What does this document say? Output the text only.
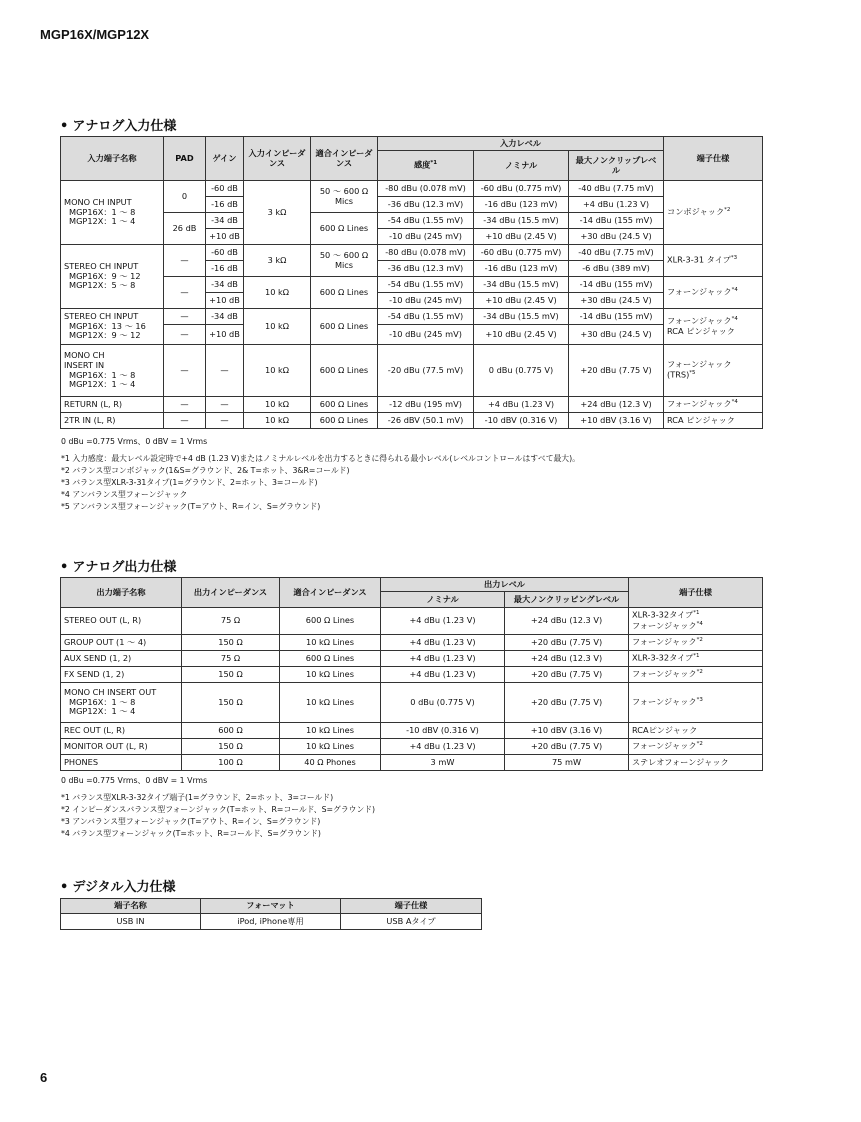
MGP16X/MGP12X
• アナログ入力仕様
入力端子名称	PAD	ゲイン	入力インピーダンス	適合インピーダンス	入力レベル			端子仕様
					感度$^{*1}$	ノミナル	最大ノンクリップレベル	
MONO CH INPUT
MGP16X：1 ～ 8
MGP12X：1 ～ 4	0	-60 dB	3 kΩ	50 ～ 600 Ω Mics	-80 dBu (0.078 mV)	-60 dBu (0.775 mV)	-40 dBu (7.75 mV)	コンボジャック$^{*2}$
		-16 dB			-36 dBu (12.3 mV)	-16 dBu (123 mV)	+4 dBu (1.23 V)	
	26 dB	-34 dB		600 Ω Lines	-54 dBu (1.55 mV)	-34 dBu (15.5 mV)	-14 dBu (155 mV)	
		+10 dB			-10 dBu (245 mV)	+10 dBu (2.45 V)	+30 dBu (24.5 V)	
STEREO CH INPUT
MGP16X：9 ～ 12
MGP12X：5 ～ 8	—	-60 dB	3 kΩ	50 ～ 600 Ω Mics	-80 dBu (0.078 mV)	-60 dBu (0.775 mV)	-40 dBu (7.75 mV)	XLR-3-31 タイプ$^{*3}$
		-16 dB			-36 dBu (12.3 mV)	-16 dBu (123 mV)	-6 dBu (389 mV)	
	—	-34 dB	10 kΩ	600 Ω Lines	-54 dBu (1.55 mV)	-34 dBu (15.5 mV)	-14 dBu (155 mV)	フォーンジャック$^{*4}$
		+10 dB			-10 dBu (245 mV)	+10 dBu (2.45 V)	+30 dBu (24.5 V)	
STEREO CH INPUT
MGP16X：13 ～ 16
MGP12X：9 ～ 12	—	-34 dB	10 kΩ	600 Ω Lines	-54 dBu (1.55 mV)	-34 dBu (15.5 mV)	-14 dBu (155 mV)	フォーンジャック$^{*4}$
RCA ピンジャック
	—	+10 dB			-10 dBu (245 mV)	+10 dBu (2.45 V)	+30 dBu (24.5 V)	
MONO CH
INSERT IN
MGP16X：1 ～ 8
MGP12X：1 ～ 4	—	—	10 kΩ	600 Ω Lines	-20 dBu (77.5 mV)	0 dBu (0.775 V)	+20 dBu (7.75 V)	フォーンジャック
(TRS)$^{*5}$
RETURN (L, R)	—	—	10 kΩ	600 Ω Lines	-12 dBu (195 mV)	+4 dBu (1.23 V)	+24 dBu (12.3 V)	フォーンジャック$^{*4}$
2TR IN (L, R)	—	—	10 kΩ	600 Ω Lines	-26 dBV (50.1 mV)	-10 dBV (0.316 V)	+10 dBV (3.16 V)	RCA ピンジャック
0 dBu =0.775 Vrms、0 dBV = 1 Vrms
*1 入力感度：最大レベル設定時で+4 dB (1.23 V)またはノミナルレベルを出力するときに得られる最小レベル(レベルコントロールはすべて最大)。
*2 バランス型コンボジャック(1&S=グラウンド、2& T=ホット、3&R=コールド)
*3 バランス型XLR-3-31タイプ(1=グラウンド、2=ホット、3=コールド)
*4 アンバランス型フォーンジャック
*5 アンバランス型フォーンジャック(T=アウト、R=イン、S=グラウンド)
• アナログ出力仕様
出力端子名称	出力インピーダンス	適合インピーダンス	出力レベル		端子仕様
			ノミナル	最大ノンクリッピングレベル	
STEREO OUT (L, R)	75 Ω	600 Ω Lines	+4 dBu (1.23 V)	+24 dBu (12.3 V)	XLR-3-32タイプ$^{*1}$
フォーンジャック$^{*4}$
GROUP OUT (1 ～ 4)	150 Ω	10 kΩ Lines	+4 dBu (1.23 V)	+20 dBu (7.75 V)	フォーンジャック$^{*2}$
AUX SEND (1, 2)	75 Ω	600 Ω Lines	+4 dBu (1.23 V)	+24 dBu (12.3 V)	XLR-3-32タイプ$^{*1}$
FX SEND (1, 2)	150 Ω	10 kΩ Lines	+4 dBu (1.23 V)	+20 dBu (7.75 V)	フォーンジャック$^{*2}$
MONO CH INSERT OUT
MGP16X：1 ～ 8
MGP12X：1 ～ 4	150 Ω	10 kΩ Lines	0 dBu (0.775 V)	+20 dBu (7.75 V)	フォーンジャック$^{*3}$
REC OUT (L, R)	600 Ω	10 kΩ Lines	-10 dBV (0.316 V)	+10 dBV (3.16 V)	RCAピンジャック
MONITOR OUT (L, R)	150 Ω	10 kΩ Lines	+4 dBu (1.23 V)	+20 dBu (7.75 V)	フォーンジャック$^{*2}$
PHONES	100 Ω	40 Ω Phones	3 mW	75 mW	ステレオフォーンジャック
0 dBu =0.775 Vrms、0 dBV = 1 Vrms
*1 バランス型XLR-3-32タイプ端子(1=グラウンド、2=ホット、3=コールド)
*2 インピーダンスバランス型フォーンジャック(T=ホット、R=コールド、S=グラウンド)
*3 アンバランス型フォーンジャック(T=アウト、R=イン、S=グラウンド)
*4 バランス型フォーンジャック(T=ホット、R=コールド、S=グラウンド)
• デジタル入力仕様
端子名称	フォーマット	端子仕様
USB IN	iPod, iPhone専用	USB Aタイプ
6
